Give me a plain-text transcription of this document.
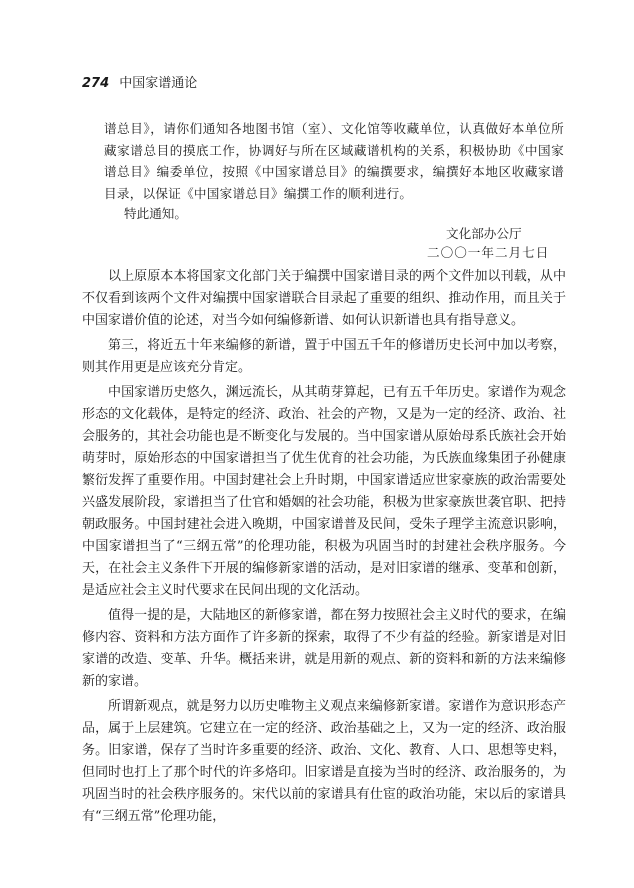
274 中国家谱通论

谱总目》，请你们通知各地图书馆（室）、文化馆等收藏单位，认真做好本单位所藏家谱总目的摸底工作，协调好与所在区域藏谱机构的关系，积极协助《中国家谱总目》编委单位，按照《中国家谱总目》的编撰要求，编撰好本地区收藏家谱目录，以保证《中国家谱总目》编撰工作的顺利进行。

特此通知。
文化部办公厅
二〇〇一年二月七日

以上原原本本将国家文化部门关于编撰中国家谱目录的两个文件加以刊载，从中不仅看到该两个文件对编撰中国家谱联合目录起了重要的组织、推动作用，而且关于中国家谱价值的论述，对当今如何编修新谱、如何认识新谱也具有指导意义。

第三，将近五十年来编修的新谱，置于中国五千年的修谱历史长河中加以考察，则其作用更是应该充分肯定。

中国家谱历史悠久，渊远流长，从其萌芽算起，已有五千年历史。家谱作为观念形态的文化载体，是特定的经济、政治、社会的产物，又是为一定的经济、政治、社会服务的，其社会功能也是不断变化与发展的。当中国家谱从原始母系氏族社会开始萌芽时，原始形态的中国家谱担当了优生优育的社会功能，为氏族血缘集团子孙健康繁衍发挥了重要作用。中国封建社会上升时期，中国家谱适应世家豪族的政治需要处兴盛发展阶段，家谱担当了仕官和婚姻的社会功能，积极为世家豪族世袭官职、把持朝政服务。中国封建社会进入晚期，中国家谱普及民间，受朱子理学主流意识影响，中国家谱担当了“三纲五常”的伦理功能，积极为巩固当时的封建社会秩序服务。今天，在社会主义条件下开展的编修新家谱的活动，是对旧家谱的继承、变革和创新，是适应社会主义时代要求在民间出现的文化活动。

值得一提的是，大陆地区的新修家谱，都在努力按照社会主义时代的要求，在编修内容、资料和方法方面作了许多新的探索，取得了不少有益的经验。新家谱是对旧家谱的改造、变革、升华。概括来讲，就是用新的观点、新的资料和新的方法来编修新的家谱。

所谓新观点，就是努力以历史唯物主义观点来编修新家谱。家谱作为意识形态产品，属于上层建筑。它建立在一定的经济、政治基础之上，又为一定的经济、政治服务。旧家谱，保存了当时许多重要的经济、政治、文化、教育、人口、思想等史料，但同时也打上了那个时代的许多烙印。旧家谱是直接为当时的经济、政治服务的，为巩固当时的社会秩序服务的。宋代以前的家谱具有仕宦的政治功能，宋以后的家谱具有“三纲五常”伦理功能，
